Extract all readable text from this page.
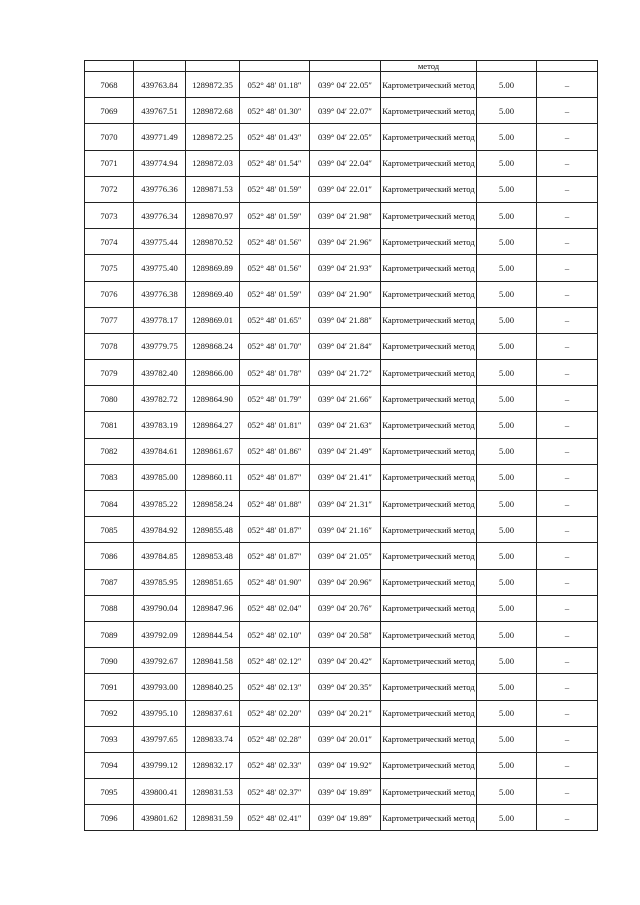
					метод		
7068	439763.84	1289872.35	052° 48′ 01.18″	039° 04′ 22.05″	Картометрический метод	5.00	–
7069	439767.51	1289872.68	052° 48′ 01.30″	039° 04′ 22.07″	Картометрический метод	5.00	–
7070	439771.49	1289872.25	052° 48′ 01.43″	039° 04′ 22.05″	Картометрический метод	5.00	–
7071	439774.94	1289872.03	052° 48′ 01.54″	039° 04′ 22.04″	Картометрический метод	5.00	–
7072	439776.36	1289871.53	052° 48′ 01.59″	039° 04′ 22.01″	Картометрический метод	5.00	–
7073	439776.34	1289870.97	052° 48′ 01.59″	039° 04′ 21.98″	Картометрический метод	5.00	–
7074	439775.44	1289870.52	052° 48′ 01.56″	039° 04′ 21.96″	Картометрический метод	5.00	–
7075	439775.40	1289869.89	052° 48′ 01.56″	039° 04′ 21.93″	Картометрический метод	5.00	–
7076	439776.38	1289869.40	052° 48′ 01.59″	039° 04′ 21.90″	Картометрический метод	5.00	–
7077	439778.17	1289869.01	052° 48′ 01.65″	039° 04′ 21.88″	Картометрический метод	5.00	–
7078	439779.75	1289868.24	052° 48′ 01.70″	039° 04′ 21.84″	Картометрический метод	5.00	–
7079	439782.40	1289866.00	052° 48′ 01.78″	039° 04′ 21.72″	Картометрический метод	5.00	–
7080	439782.72	1289864.90	052° 48′ 01.79″	039° 04′ 21.66″	Картометрический метод	5.00	–
7081	439783.19	1289864.27	052° 48′ 01.81″	039° 04′ 21.63″	Картометрический метод	5.00	–
7082	439784.61	1289861.67	052° 48′ 01.86″	039° 04′ 21.49″	Картометрический метод	5.00	–
7083	439785.00	1289860.11	052° 48′ 01.87″	039° 04′ 21.41″	Картометрический метод	5.00	–
7084	439785.22	1289858.24	052° 48′ 01.88″	039° 04′ 21.31″	Картометрический метод	5.00	–
7085	439784.92	1289855.48	052° 48′ 01.87″	039° 04′ 21.16″	Картометрический метод	5.00	–
7086	439784.85	1289853.48	052° 48′ 01.87″	039° 04′ 21.05″	Картометрический метод	5.00	–
7087	439785.95	1289851.65	052° 48′ 01.90″	039° 04′ 20.96″	Картометрический метод	5.00	–
7088	439790.04	1289847.96	052° 48′ 02.04″	039° 04′ 20.76″	Картометрический метод	5.00	–
7089	439792.09	1289844.54	052° 48′ 02.10″	039° 04′ 20.58″	Картометрический метод	5.00	–
7090	439792.67	1289841.58	052° 48′ 02.12″	039° 04′ 20.42″	Картометрический метод	5.00	–
7091	439793.00	1289840.25	052° 48′ 02.13″	039° 04′ 20.35″	Картометрический метод	5.00	–
7092	439795.10	1289837.61	052° 48′ 02.20″	039° 04′ 20.21″	Картометрический метод	5.00	–
7093	439797.65	1289833.74	052° 48′ 02.28″	039° 04′ 20.01″	Картометрический метод	5.00	–
7094	439799.12	1289832.17	052° 48′ 02.33″	039° 04′ 19.92″	Картометрический метод	5.00	–
7095	439800.41	1289831.53	052° 48′ 02.37″	039° 04′ 19.89″	Картометрический метод	5.00	–
7096	439801.62	1289831.59	052° 48′ 02.41″	039° 04′ 19.89″	Картометрический метод	5.00	–
